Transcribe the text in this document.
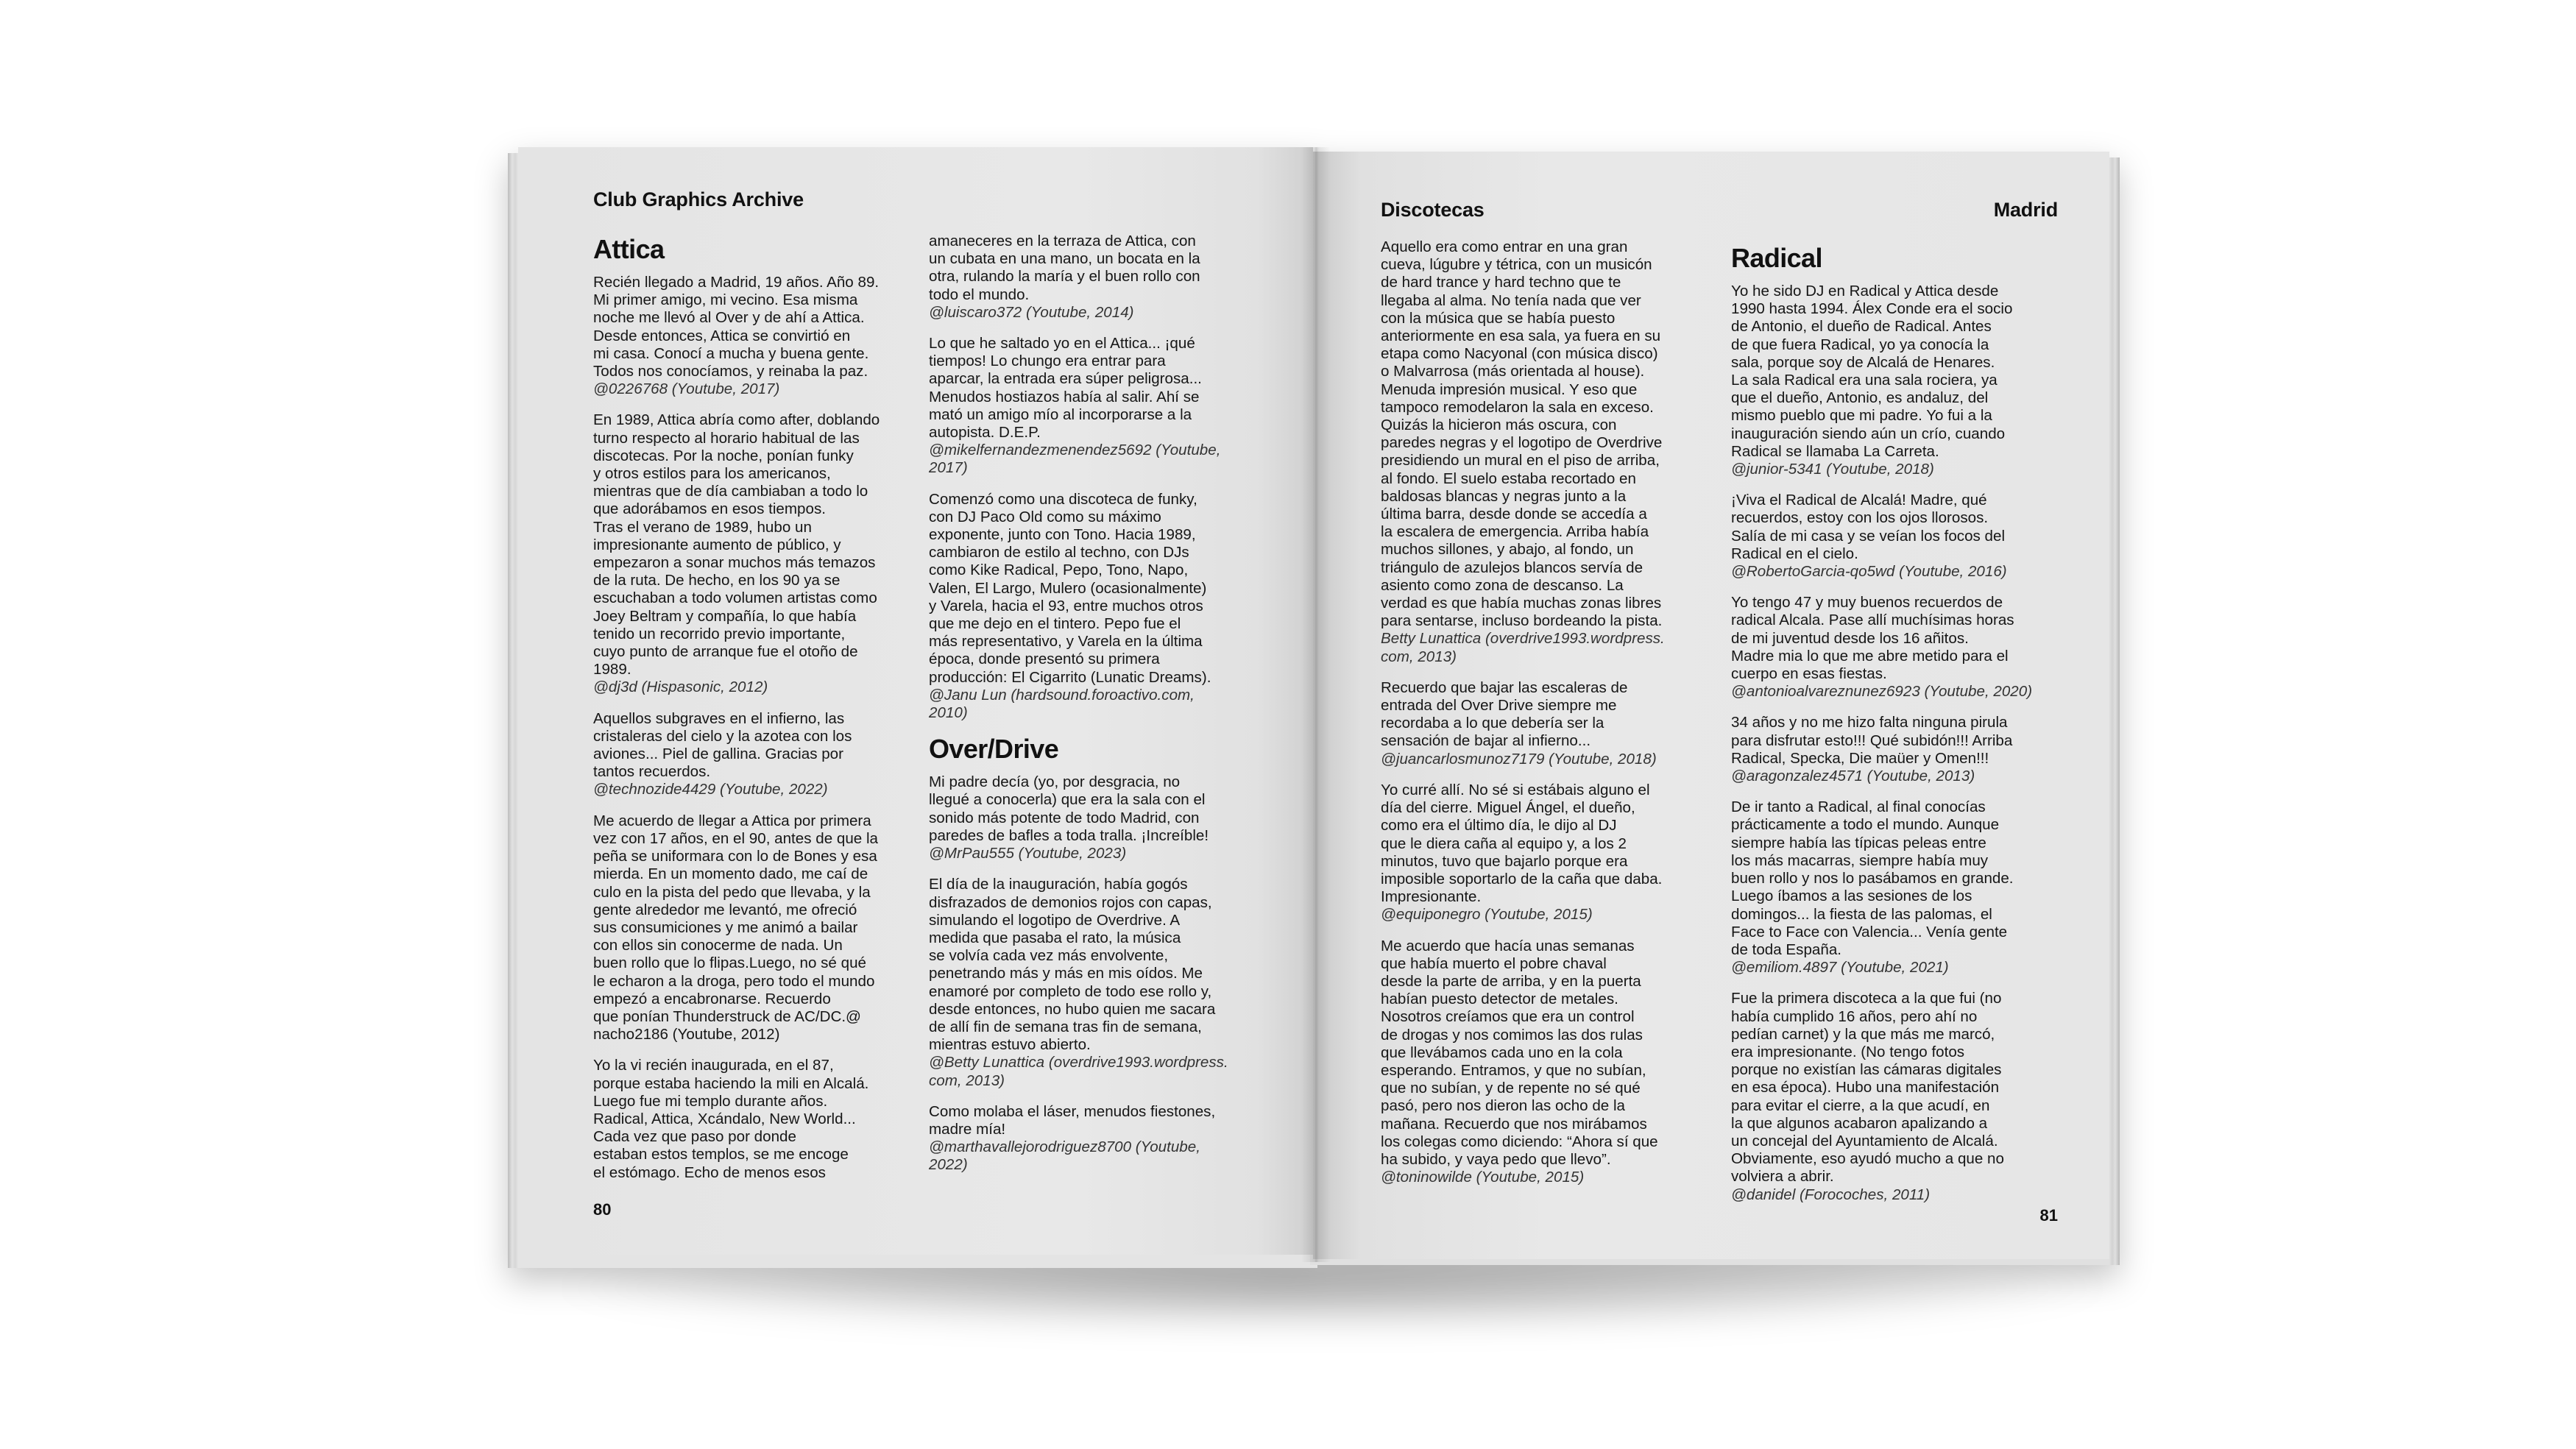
Club Graphics Archive
Attica
Recién llegado a Madrid, 19 años. Año 89.
Mi primer amigo, mi vecino. Esa misma
noche me llevó al Over y de ahí a Attica.
Desde entonces, Attica se convirtió en
mi casa. Conocí a mucha y buena gente.
Todos nos conocíamos, y reinaba la paz.
@0226768 (Youtube, 2017)
En 1989, Attica abría como after, doblando
turno respecto al horario habitual de las
discotecas. Por la noche, ponían funky
y otros estilos para los americanos,
mientras que de día cambiaban a todo lo
que adorábamos en esos tiempos.
Tras el verano de 1989, hubo un
impresionante aumento de público, y
empezaron a sonar muchos más temazos
de la ruta. De hecho, en los 90 ya se
escuchaban a todo volumen artistas como
Joey Beltram y compañía, lo que había
tenido un recorrido previo importante,
cuyo punto de arranque fue el otoño de
1989.
@dj3d (Hispasonic, 2012)
Aquellos subgraves en el infierno, las
cristaleras del cielo y la azotea con los
aviones... Piel de gallina. Gracias por
tantos recuerdos.
@technozide4429 (Youtube, 2022)
Me acuerdo de llegar a Attica por primera
vez con 17 años, en el 90, antes de que la
peña se uniformara con lo de Bones y esa
mierda. En un momento dado, me caí de
culo en la pista del pedo que llevaba, y la
gente alrededor me levantó, me ofreció
sus consumiciones y me animó a bailar
con ellos sin conocerme de nada. Un
buen rollo que lo flipas.Luego, no sé qué
le echaron a la droga, pero todo el mundo
empezó a encabronarse. Recuerdo
que ponían Thunderstruck de AC/DC.@
nacho2186 (Youtube, 2012)
Yo la vi recién inaugurada, en el 87,
porque estaba haciendo la mili en Alcalá.
Luego fue mi templo durante años.
Radical, Attica, Xcándalo, New World...
Cada vez que paso por donde
estaban estos templos, se me encoge
el estómago. Echo de menos esos
amaneceres en la terraza de Attica, con
un cubata en una mano, un bocata en la
otra, rulando la maría y el buen rollo con
todo el mundo.
@luiscaro372 (Youtube, 2014)
Lo que he saltado yo en el Attica... ¡qué
tiempos! Lo chungo era entrar para
aparcar, la entrada era súper peligrosa...
Menudos hostiazos había al salir. Ahí se
mató un amigo mío al incorporarse a la
autopista. D.E.P.
@mikelfernandezmenendez5692 (Youtube,
2017)
Comenzó como una discoteca de funky,
con DJ Paco Old como su máximo
exponente, junto con Tono. Hacia 1989,
cambiaron de estilo al techno, con DJs
como Kike Radical, Pepo, Tono, Napo,
Valen, El Largo, Mulero (ocasionalmente)
y Varela, hacia el 93, entre muchos otros
que me dejo en el tintero. Pepo fue el
más representativo, y Varela en la última
época, donde presentó su primera
producción: El Cigarrito (Lunatic Dreams).
@Janu Lun (hardsound.foroactivo.com,
2010)
Over/Drive
Mi padre decía (yo, por desgracia, no
llegué a conocerla) que era la sala con el
sonido más potente de todo Madrid, con
paredes de bafles a toda tralla. ¡Increíble!
@MrPau555 (Youtube, 2023)
El día de la inauguración, había gogós
disfrazados de demonios rojos con capas,
simulando el logotipo de Overdrive. A
medida que pasaba el rato, la música
se volvía cada vez más envolvente,
penetrando más y más en mis oídos. Me
enamoré por completo de todo ese rollo y,
desde entonces, no hubo quien me sacara
de allí fin de semana tras fin de semana,
mientras estuvo abierto.
@Betty Lunattica (overdrive1993.wordpress.
com, 2013)
Como molaba el láser, menudos fiestones,
madre mía!
@marthavallejorodriguez8700 (Youtube,
2022)
80
Discotecas	Madrid
Aquello era como entrar en una gran
cueva, lúgubre y tétrica, con un musicón
de hard trance y hard techno que te
llegaba al alma. No tenía nada que ver
con la música que se había puesto
anteriormente en esa sala, ya fuera en su
etapa como Nacyonal (con música disco)
o Malvarrosa (más orientada al house).
Menuda impresión musical. Y eso que
tampoco remodelaron la sala en exceso.
Quizás la hicieron más oscura, con
paredes negras y el logotipo de Overdrive
presidiendo un mural en el piso de arriba,
al fondo. El suelo estaba recortado en
baldosas blancas y negras junto a la
última barra, desde donde se accedía a
la escalera de emergencia. Arriba había
muchos sillones, y abajo, al fondo, un
triángulo de azulejos blancos servía de
asiento como zona de descanso. La
verdad es que había muchas zonas libres
para sentarse, incluso bordeando la pista.
Betty Lunattica (overdrive1993.wordpress.
com, 2013)
Recuerdo que bajar las escaleras de
entrada del Over Drive siempre me
recordaba a lo que debería ser la
sensación de bajar al infierno...
@juancarlosmunoz7179 (Youtube, 2018)
Yo curré allí. No sé si estábais alguno el
día del cierre. Miguel Ángel, el dueño,
como era el último día, le dijo al DJ
que le diera caña al equipo y, a los 2
minutos, tuvo que bajarlo porque era
imposible soportarlo de la caña que daba.
Impresionante.
@equiponegro (Youtube, 2015)
Me acuerdo que hacía unas semanas
que había muerto el pobre chaval
desde la parte de arriba, y en la puerta
habían puesto detector de metales.
Nosotros creíamos que era un control
de drogas y nos comimos las dos rulas
que llevábamos cada uno en la cola
esperando. Entramos, y que no subían,
que no subían, y de repente no sé qué
pasó, pero nos dieron las ocho de la
mañana. Recuerdo que nos mirábamos
los colegas como diciendo: “Ahora sí que
ha subido, y vaya pedo que llevo”.
@toninowilde (Youtube, 2015)
Radical
Yo he sido DJ en Radical y Attica desde
1990 hasta 1994. Álex Conde era el socio
de Antonio, el dueño de Radical. Antes
de que fuera Radical, yo ya conocía la
sala, porque soy de Alcalá de Henares.
La sala Radical era una sala rociera, ya
que el dueño, Antonio, es andaluz, del
mismo pueblo que mi padre. Yo fui a la
inauguración siendo aún un crío, cuando
Radical se llamaba La Carreta.
@junior-5341 (Youtube, 2018)
¡Viva el Radical de Alcalá! Madre, qué
recuerdos, estoy con los ojos llorosos.
Salía de mi casa y se veían los focos del
Radical en el cielo.
@RobertoGarcia-qo5wd (Youtube, 2016)
Yo tengo 47 y muy buenos recuerdos de
radical Alcala. Pase allí muchísimas horas
de mi juventud desde los 16 añitos.
Madre mia lo que me abre metido para el
cuerpo en esas fiestas.
@antonioalvareznunez6923 (Youtube, 2020)
34 años y no me hizo falta ninguna pirula
para disfrutar esto!!! Qué subidón!!! Arriba
Radical, Specka, Die maüer y Omen!!!
@aragonzalez4571 (Youtube, 2013)
De ir tanto a Radical, al final conocías
prácticamente a todo el mundo. Aunque
siempre había las típicas peleas entre
los más macarras, siempre había muy
buen rollo y nos lo pasábamos en grande.
Luego íbamos a las sesiones de los
domingos... la fiesta de las palomas, el
Face to Face con Valencia... Venía gente
de toda España.
@emiliom.4897 (Youtube, 2021)
Fue la primera discoteca a la que fui (no
había cumplido 16 años, pero ahí no
pedían carnet) y la que más me marcó,
era impresionante. (No tengo fotos
porque no existían las cámaras digitales
en esa época). Hubo una manifestación
para evitar el cierre, a la que acudí, en
la que algunos acabaron apalizando a
un concejal del Ayuntamiento de Alcalá.
Obviamente, eso ayudó mucho a que no
volviera a abrir.
@danidel (Forocoches, 2011)
81
